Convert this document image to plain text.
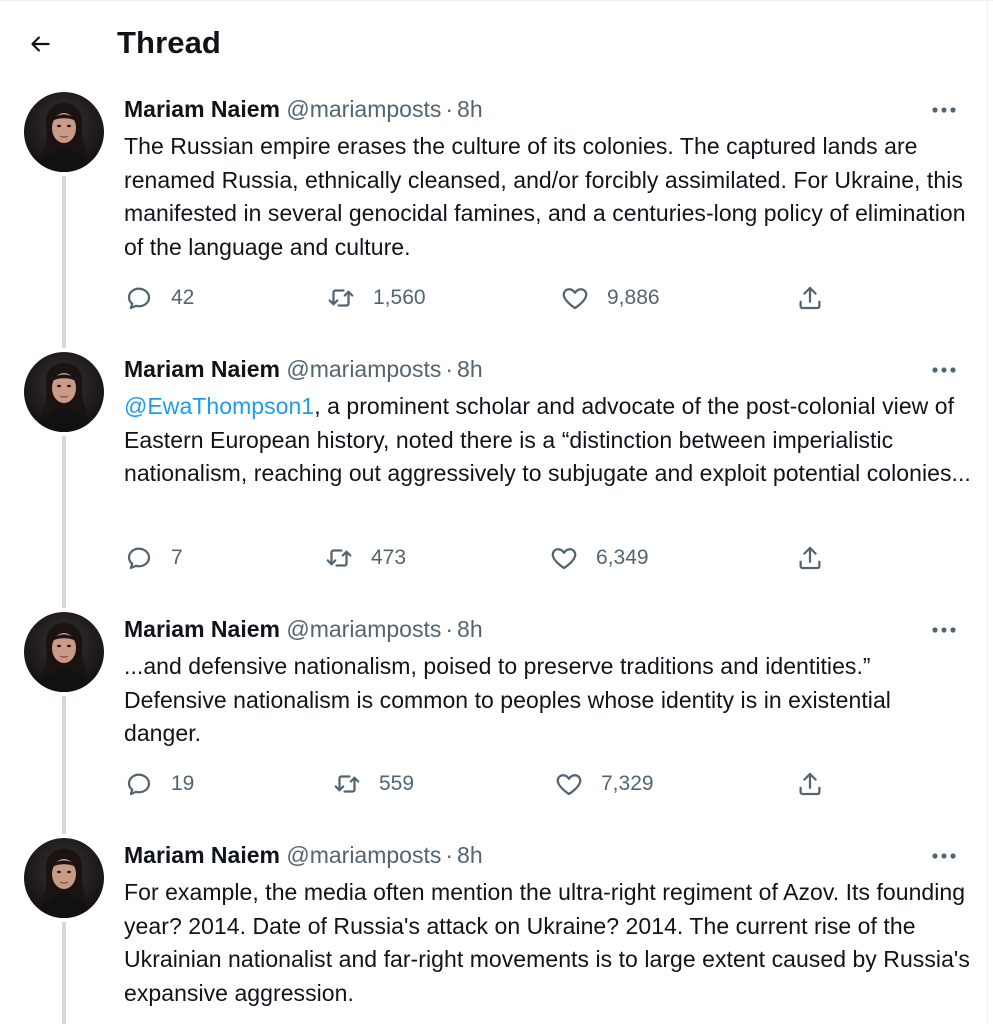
Thread
Mariam Naiem @mariamposts · 8h
The Russian empire erases the culture of its colonies. The captured lands are renamed Russia, ethnically cleansed, and/or forcibly assimilated. For Ukraine, this manifested in several genocidal famines, and a centuries-long policy of elimination of the language and culture.
42	1,560	9,886
Mariam Naiem @mariamposts · 8h
@EwaThompson1, a prominent scholar and advocate of the post-colonial view of Eastern European history, noted there is a “distinction between imperialistic nationalism, reaching out aggressively to subjugate and exploit potential colonies...
7	473	6,349
Mariam Naiem @mariamposts · 8h
...and defensive nationalism, poised to preserve traditions and identities.” Defensive nationalism is common to peoples whose identity is in existential danger.
19	559	7,329
Mariam Naiem @mariamposts · 8h
For example, the media often mention the ultra-right regiment of Azov. Its founding year? 2014. Date of Russia's attack on Ukraine? 2014. The current rise of the Ukrainian nationalist and far-right movements is to large extent caused by Russia's expansive aggression.
